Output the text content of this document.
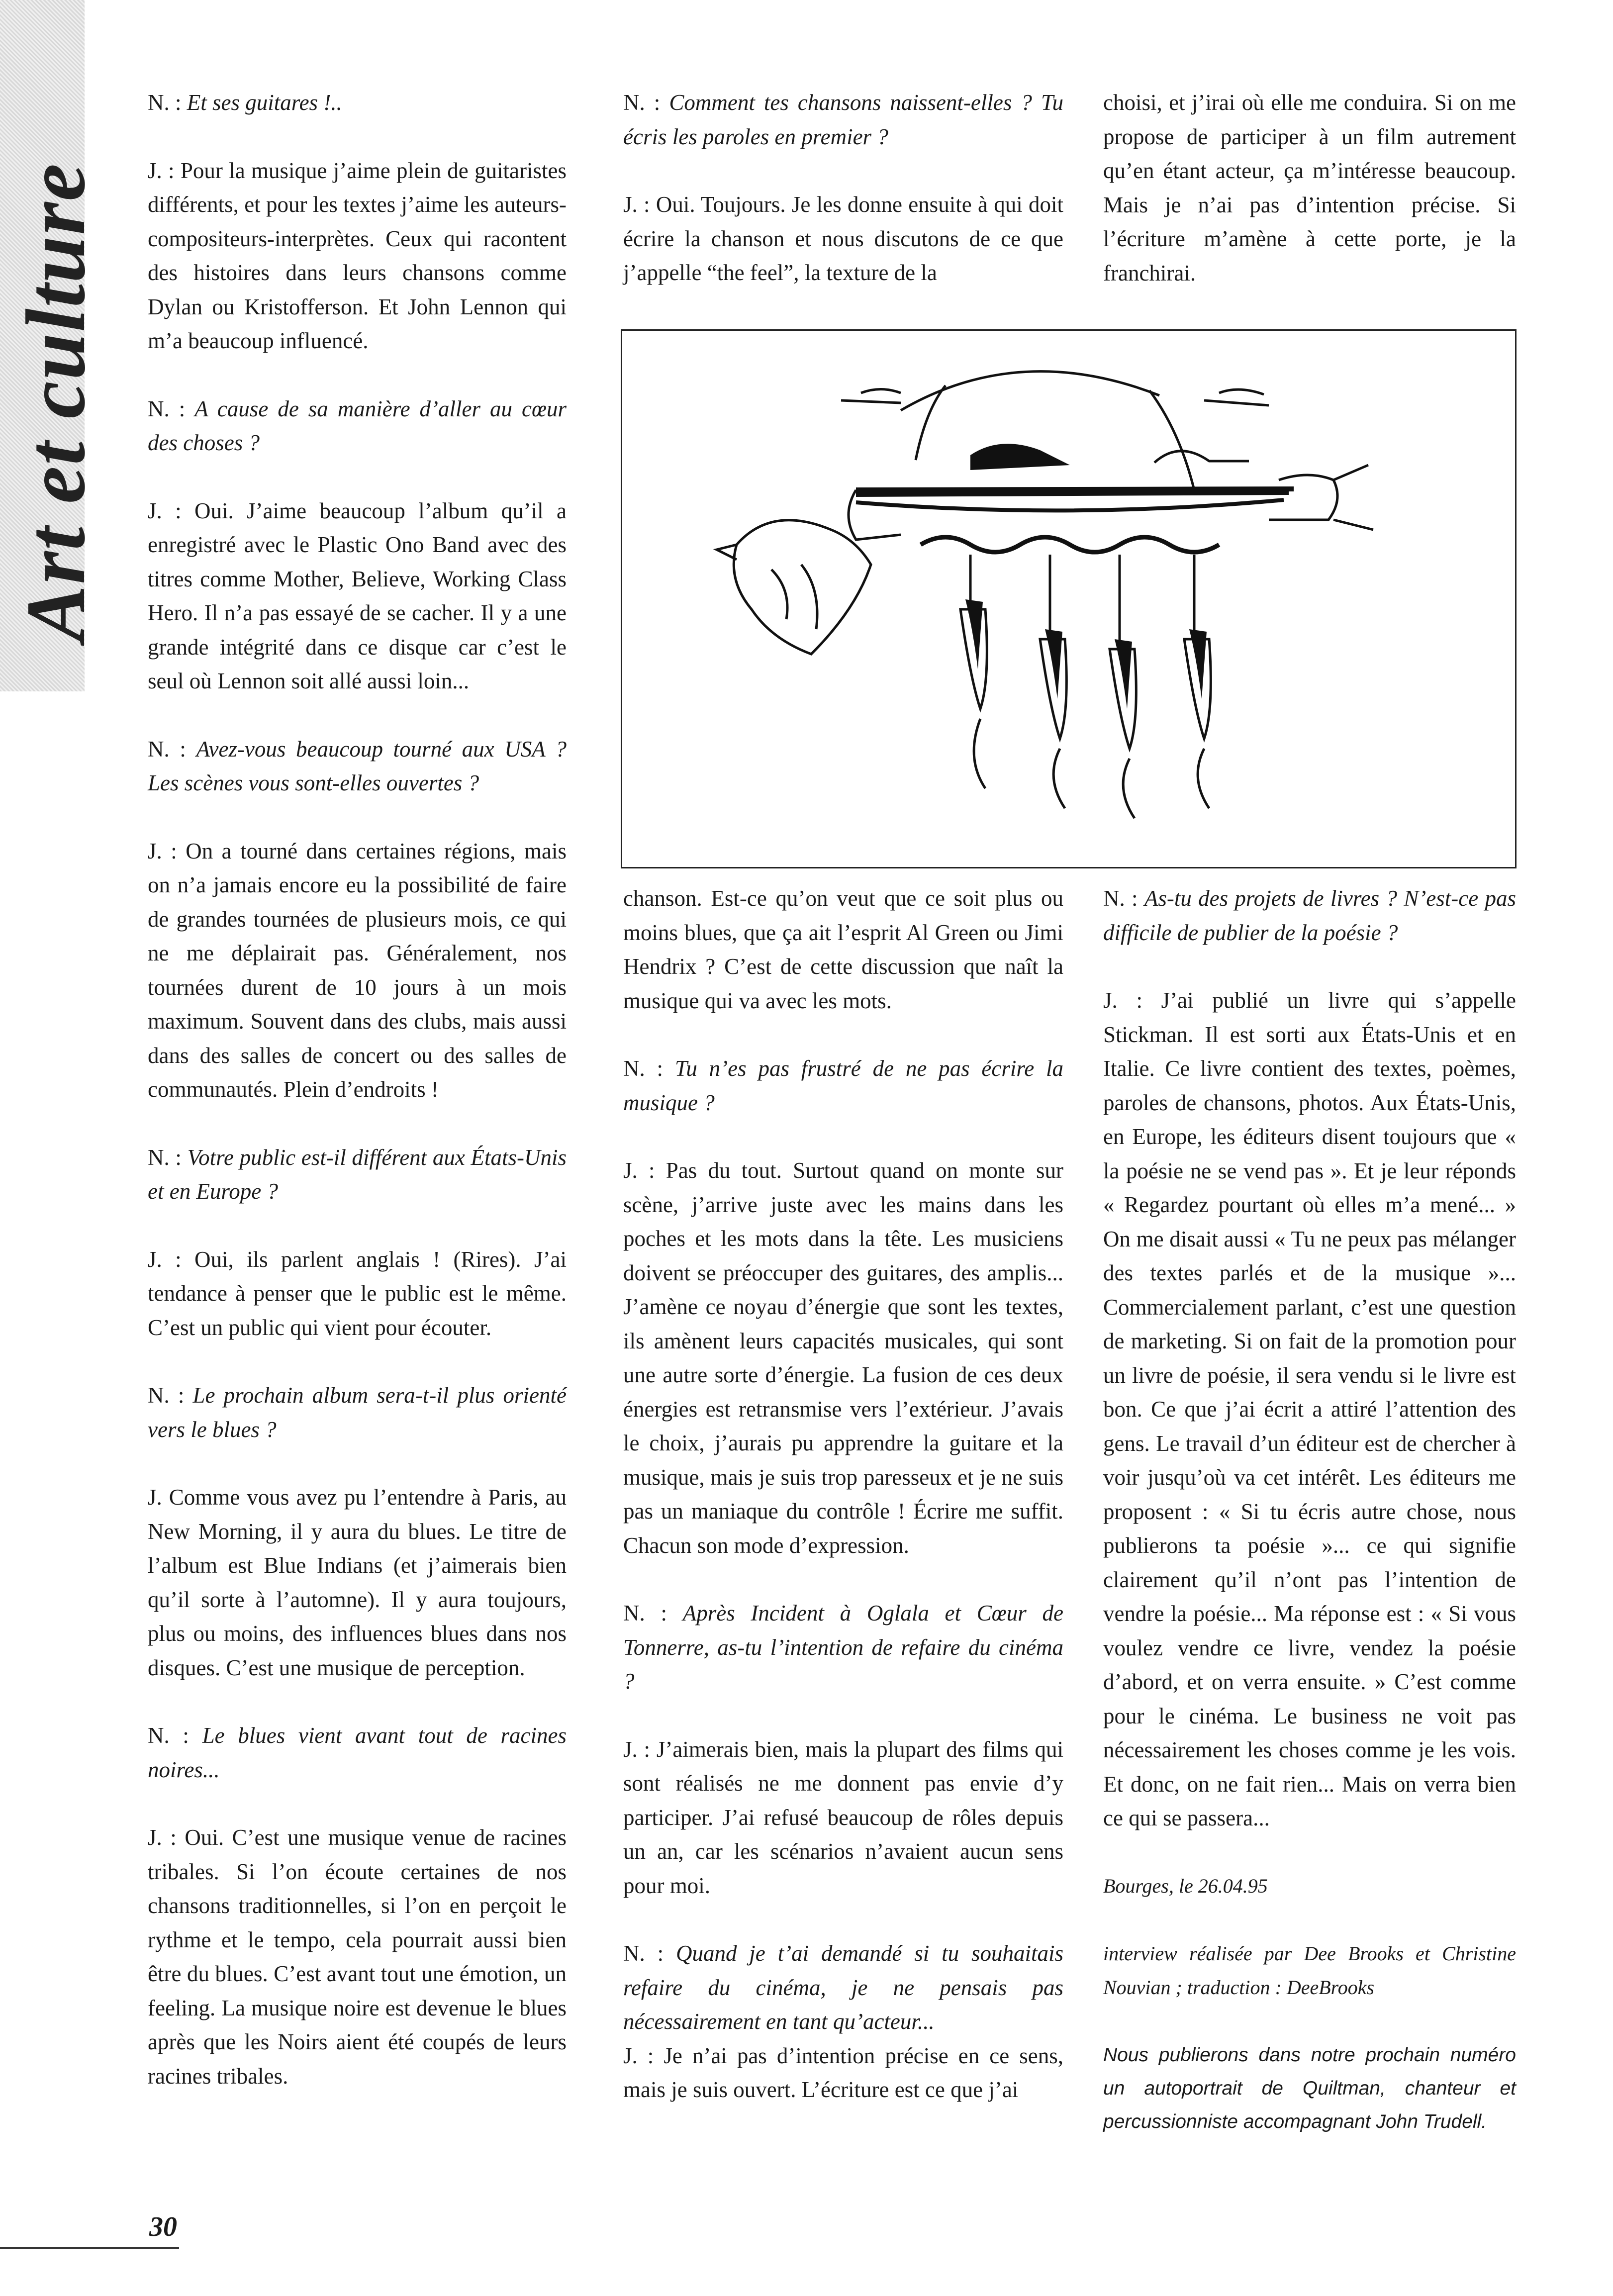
Art et culture

N. : Et ses guitares !..

J. : Pour la musique j’aime plein de guitaristes différents, et pour les textes j’aime les auteurs-compositeurs-interprètes. Ceux qui racontent des histoires dans leurs chansons comme Dylan ou Kristofferson. Et John Lennon qui m’a beaucoup influencé.

N. : A cause de sa manière d’aller au cœur des choses ?

J. : Oui. J’aime beaucoup l’album qu’il a enregistré avec le Plastic Ono Band avec des titres comme Mother, Believe, Working Class Hero. Il n’a pas essayé de se cacher. Il y a une grande intégrité dans ce disque car c’est le seul où Lennon soit allé aussi loin...

N. : Avez-vous beaucoup tourné aux USA ? Les scènes vous sont-elles ouvertes ?

J. : On a tourné dans certaines régions, mais on n’a jamais encore eu la possibilité de faire de grandes tournées de plusieurs mois, ce qui ne me déplairait pas. Généralement, nos tournées durent de 10 jours à un mois maximum. Souvent dans des clubs, mais aussi dans des salles de concert ou des salles de communautés. Plein d’endroits !

N. : Votre public est-il différent aux États-Unis et en Europe ?

J. : Oui, ils parlent anglais ! (Rires). J’ai tendance à penser que le public est le même. C’est un public qui vient pour écouter.

N. : Le prochain album sera-t-il plus orienté vers le blues ?

J. Comme vous avez pu l’entendre à Paris, au New Morning, il y aura du blues. Le titre de l’album est Blue Indians (et j’aimerais bien qu’il sorte à l’automne). Il y aura toujours, plus ou moins, des influences blues dans nos disques. C’est une musique de perception.

N. : Le blues vient avant tout de racines noires...

J. : Oui. C’est une musique venue de racines tribales. Si l’on écoute certaines de nos chansons traditionnelles, si l’on en perçoit le rythme et le tempo, cela pourrait aussi bien être du blues. C’est avant tout une émotion, un feeling. La musique noire est devenue le blues après que les Noirs aient été coupés de leurs racines tribales.

N. : Comment tes chansons naissent-elles ? Tu écris les paroles en premier ?

J. : Oui. Toujours. Je les donne ensuite à qui doit écrire la chanson et nous discutons de ce que j’appelle “the feel”, la texture de la

choisi, et j’irai où elle me conduira. Si on me propose de participer à un film autrement qu’en étant acteur, ça m’intéresse beaucoup. Mais je n’ai pas d’intention précise. Si l’écriture m’amène à cette porte, je la franchirai.

chanson. Est-ce qu’on veut que ce soit plus ou moins blues, que ça ait l’esprit Al Green ou Jimi Hendrix ? C’est de cette discussion que naît la musique qui va avec les mots.

N. : Tu n’es pas frustré de ne pas écrire la musique ?

J. : Pas du tout. Surtout quand on monte sur scène, j’arrive juste avec les mains dans les poches et les mots dans la tête. Les musiciens doivent se préoccuper des guitares, des amplis... J’amène ce noyau d’énergie que sont les textes, ils amènent leurs capacités musicales, qui sont une autre sorte d’énergie. La fusion de ces deux énergies est retransmise vers l’extérieur. J’avais le choix, j’aurais pu apprendre la guitare et la musique, mais je suis trop paresseux et je ne suis pas un maniaque du contrôle ! Écrire me suffit. Chacun son mode d’expression.

N. : Après Incident à Oglala et Cœur de Tonnerre, as-tu l’intention de refaire du cinéma ?

J. : J’aimerais bien, mais la plupart des films qui sont réalisés ne me donnent pas envie d’y participer. J’ai refusé beaucoup de rôles depuis un an, car les scénarios n’avaient aucun sens pour moi.

N. : Quand je t’ai demandé si tu souhaitais refaire du cinéma, je ne pensais pas nécessairement en tant qu’acteur...

J. : Je n’ai pas d’intention précise en ce sens, mais je suis ouvert. L’écriture est ce que j’ai

N. : As-tu des projets de livres ? N’est-ce pas difficile de publier de la poésie ?

J. : J’ai publié un livre qui s’appelle Stickman. Il est sorti aux États-Unis et en Italie. Ce livre contient des textes, poèmes, paroles de chansons, photos. Aux États-Unis, en Europe, les éditeurs disent toujours que « la poésie ne se vend pas ». Et je leur réponds « Regardez pourtant où elles m’a mené... » On me disait aussi « Tu ne peux pas mélanger des textes parlés et de la musique »... Commercialement parlant, c’est une question de marketing. Si on fait de la promotion pour un livre de poésie, il sera vendu si le livre est bon. Ce que j’ai écrit a attiré l’attention des gens. Le travail d’un éditeur est de chercher à voir jusqu’où va cet intérêt. Les éditeurs me proposent : « Si tu écris autre chose, nous publierons ta poésie »... ce qui signifie clairement qu’il n’ont pas l’intention de vendre la poésie... Ma réponse est : « Si vous voulez vendre ce livre, vendez la poésie d’abord, et on verra ensuite. » C’est comme pour le cinéma. Le business ne voit pas nécessairement les choses comme je les vois. Et donc, on ne fait rien... Mais on verra bien ce qui se passera...

Bourges, le 26.04.95

interview réalisée par Dee Brooks et Christine Nouvian ; traduction : DeeBrooks

Nous publierons dans notre prochain numéro un autoportrait de Quiltman, chanteur et percussionniste accompagnant John Trudell.

30
